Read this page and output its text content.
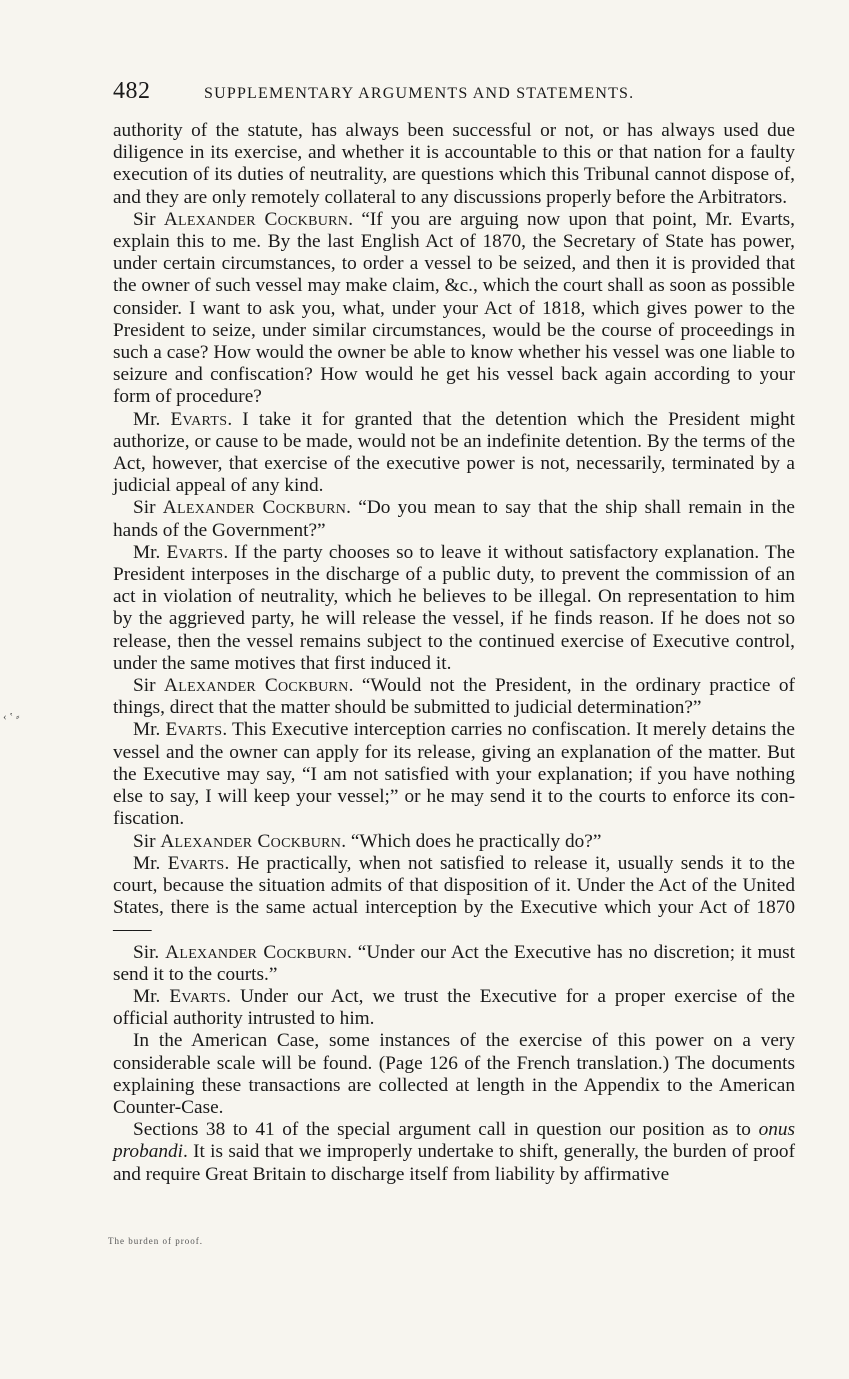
482	SUPPLEMENTARY ARGUMENTS AND STATEMENTS.

authority of the statute, has always been successful or not, or has always used due diligence in its exercise, and whether it is accountable to this or that nation for a faulty execution of its duties of neutrality, are questions which this Tribunal cannot dispose of, and they are only remotely collateral to any discussions properly before the Arbitrators.

Sir Alexander Cockburn. “If you are arguing now upon that point, Mr. Evarts, explain this to me. By the last English Act of 1870, the Secretary of State has power, under certain circumstances, to order a vessel to be seized, and then it is provided that the owner of such vessel may make claim, &c., which the court shall as soon as possible consider. I want to ask you, what, under your Act of 1818, which gives power to the President to seize, under similar circumstances, would be the course of proceedings in such a case? How would the owner be able to know whether his vessel was one liable to seizure and confiscation? How would he get his vessel back again according to your form of procedure?

Mr. Evarts. I take it for granted that the detention which the President might authorize, or cause to be made, would not be an indefinite detention. By the terms of the Act, however, that exercise of the executive power is not, necessarily, terminated by a judicial appeal of any kind.

Sir Alexander Cockburn. “Do you mean to say that the ship shall remain in the hands of the Government?”

Mr. Evarts. If the party chooses so to leave it without satisfactory explanation. The President interposes in the discharge of a public duty, to prevent the commission of an act in violation of neutrality, which he believes to be illegal. On representation to him by the aggrieved party, he will release the vessel, if he finds reason. If he does not so release, then the vessel remains subject to the continued exercise of Executive control, under the same motives that first induced it.

Sir Alexander Cockburn. “Would not the President, in the ordinary practice of things, direct that the matter should be submitted to judicial determination?”

Mr. Evarts. This Executive interception carries no confiscation. It merely detains the vessel and the owner can apply for its release, giving an explanation of the matter. But the Executive may say, “I am not satisfied with your explanation; if you have nothing else to say, I will keep your vessel;” or he may send it to the courts to enforce its confiscation.

Sir Alexander Cockburn. “Which does he practically do?”

Mr. Evarts. He practically, when not satisfied to release it, usually sends it to the court, because the situation admits of that disposition of it. Under the Act of the United States, there is the same actual interception by the Executive which your Act of 1870——

Sir. Alexander Cockburn. “Under our Act the Executive has no discretion; it must send it to the courts.”

Mr. Evarts. Under our Act, we trust the Executive for a proper exercise of the official authority intrusted to him.

In the American Case, some instances of the exercise of this power on a very considerable scale will be found. (Page 126 of the French translation.) The documents explaining these transactions are collected at length in the Appendix to the American Counter-Case.

Sections 38 to 41 of the special argument call in question our position as to onus probandi. It is said that we improperly undertake to shift, generally, the burden of proof and require Great Britain to discharge itself from liability by affirmative

The burden of proof.
‹ ‛ ⸗
